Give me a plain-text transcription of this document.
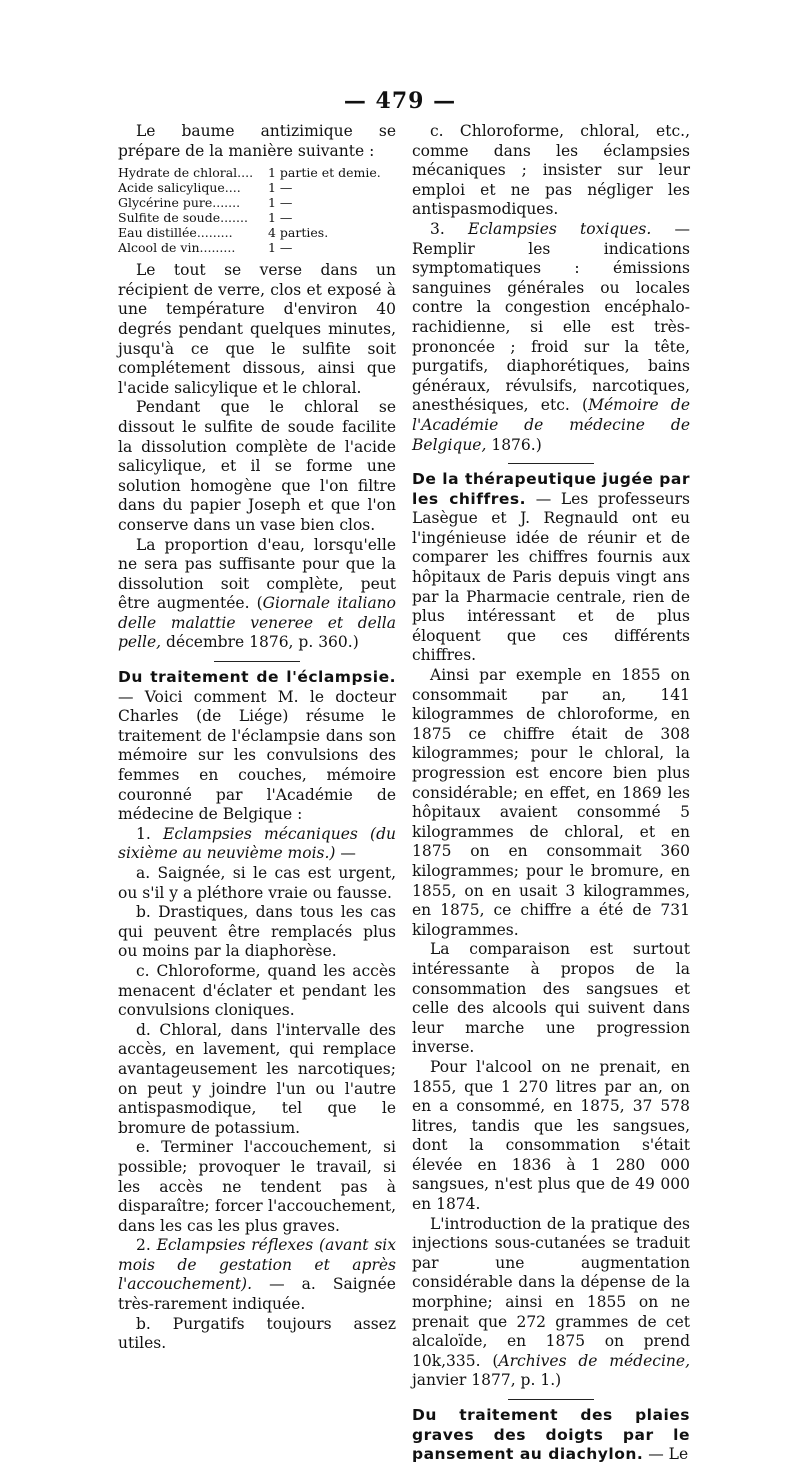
— 479 —

Le baume antizimique se prépare de la manière suivante :

Hydrate de chloral....	1 partie et demie.
Acide salicylique....	1 —
Glycérine pure.......	1 —
Sulfite de soude.......	1 —
Eau distillée.........	4 parties.
Alcool de vin.........	1 —

Le tout se verse dans un récipient de verre, clos et exposé à une température d'environ 40 degrés pendant quelques minutes, jusqu'à ce que le sulfite soit complétement dissous, ainsi que l'acide salicylique et le chloral.

Pendant que le chloral se dissout le sulfite de soude facilite la dissolution complète de l'acide salicylique, et il se forme une solution homogène que l'on filtre dans du papier Joseph et que l'on conserve dans un vase bien clos.

La proportion d'eau, lorsqu'elle ne sera pas suffisante pour que la dissolution soit complète, peut être augmentée. (Giornale italiano delle malattie veneree et della pelle, décembre 1876, p. 360.)

Du traitement de l'éclampsie. — Voici comment M. le docteur Charles (de Liége) résume le traitement de l'éclampsie dans son mémoire sur les convulsions des femmes en couches, mémoire couronné par l'Académie de médecine de Belgique :

1. Eclampsies mécaniques (du sixième au neuvième mois.) —

a. Saignée, si le cas est urgent, ou s'il y a pléthore vraie ou fausse.

b. Drastiques, dans tous les cas qui peuvent être remplacés plus ou moins par la diaphorèse.

c. Chloroforme, quand les accès menacent d'éclater et pendant les convulsions cloniques.

d. Chloral, dans l'intervalle des accès, en lavement, qui remplace avantageusement les narcotiques; on peut y joindre l'un ou l'autre antispasmodique, tel que le bromure de potassium.

e. Terminer l'accouchement, si possible; provoquer le travail, si les accès ne tendent pas à disparaître; forcer l'accouchement, dans les cas les plus graves.

2. Eclampsies réflexes (avant six mois de gestation et après l'accouchement). — a. Saignée très-rarement indiquée.

b. Purgatifs toujours assez utiles.

c. Chloroforme, chloral, etc., comme dans les éclampsies mécaniques ; insister sur leur emploi et ne pas négliger les antispasmodiques.

3. Eclampsies toxiques. — Remplir les indications symptomatiques : émissions sanguines générales ou locales contre la congestion encéphalo-rachidienne, si elle est très-prononcée ; froid sur la tête, purgatifs, diaphorétiques, bains généraux, révulsifs, narcotiques, anesthésiques, etc. (Mémoire de l'Académie de médecine de Belgique, 1876.)

De la thérapeutique jugée par les chiffres. — Les professeurs Lasègue et J. Regnauld ont eu l'ingénieuse idée de réunir et de comparer les chiffres fournis aux hôpitaux de Paris depuis vingt ans par la Pharmacie centrale, rien de plus intéressant et de plus éloquent que ces différents chiffres.

Ainsi par exemple en 1855 on consommait par an, 141 kilogrammes de chloroforme, en 1875 ce chiffre était de 308 kilogrammes; pour le chloral, la progression est encore bien plus considérable; en effet, en 1869 les hôpitaux avaient consommé 5 kilogrammes de chloral, et en 1875 on en consommait 360 kilogrammes; pour le bromure, en 1855, on en usait 3 kilogrammes, en 1875, ce chiffre a été de 731 kilogrammes.

La comparaison est surtout intéressante à propos de la consommation des sangsues et celle des alcools qui suivent dans leur marche une progression inverse.

Pour l'alcool on ne prenait, en 1855, que 1 270 litres par an, on en a consommé, en 1875, 37 578 litres, tandis que les sangsues, dont la consommation s'était élevée en 1836 à 1 280 000 sangsues, n'est plus que de 49 000 en 1874.

L'introduction de la pratique des injections sous-cutanées se traduit par une augmentation considérable dans la dépense de la morphine; ainsi en 1855 on ne prenait que 272 grammes de cet alcaloïde, en 1875 on prend 10k,335. (Archives de médecine, janvier 1877, p. 1.)

Du traitement des plaies graves des doigts par le pansement au diachylon. — Le
